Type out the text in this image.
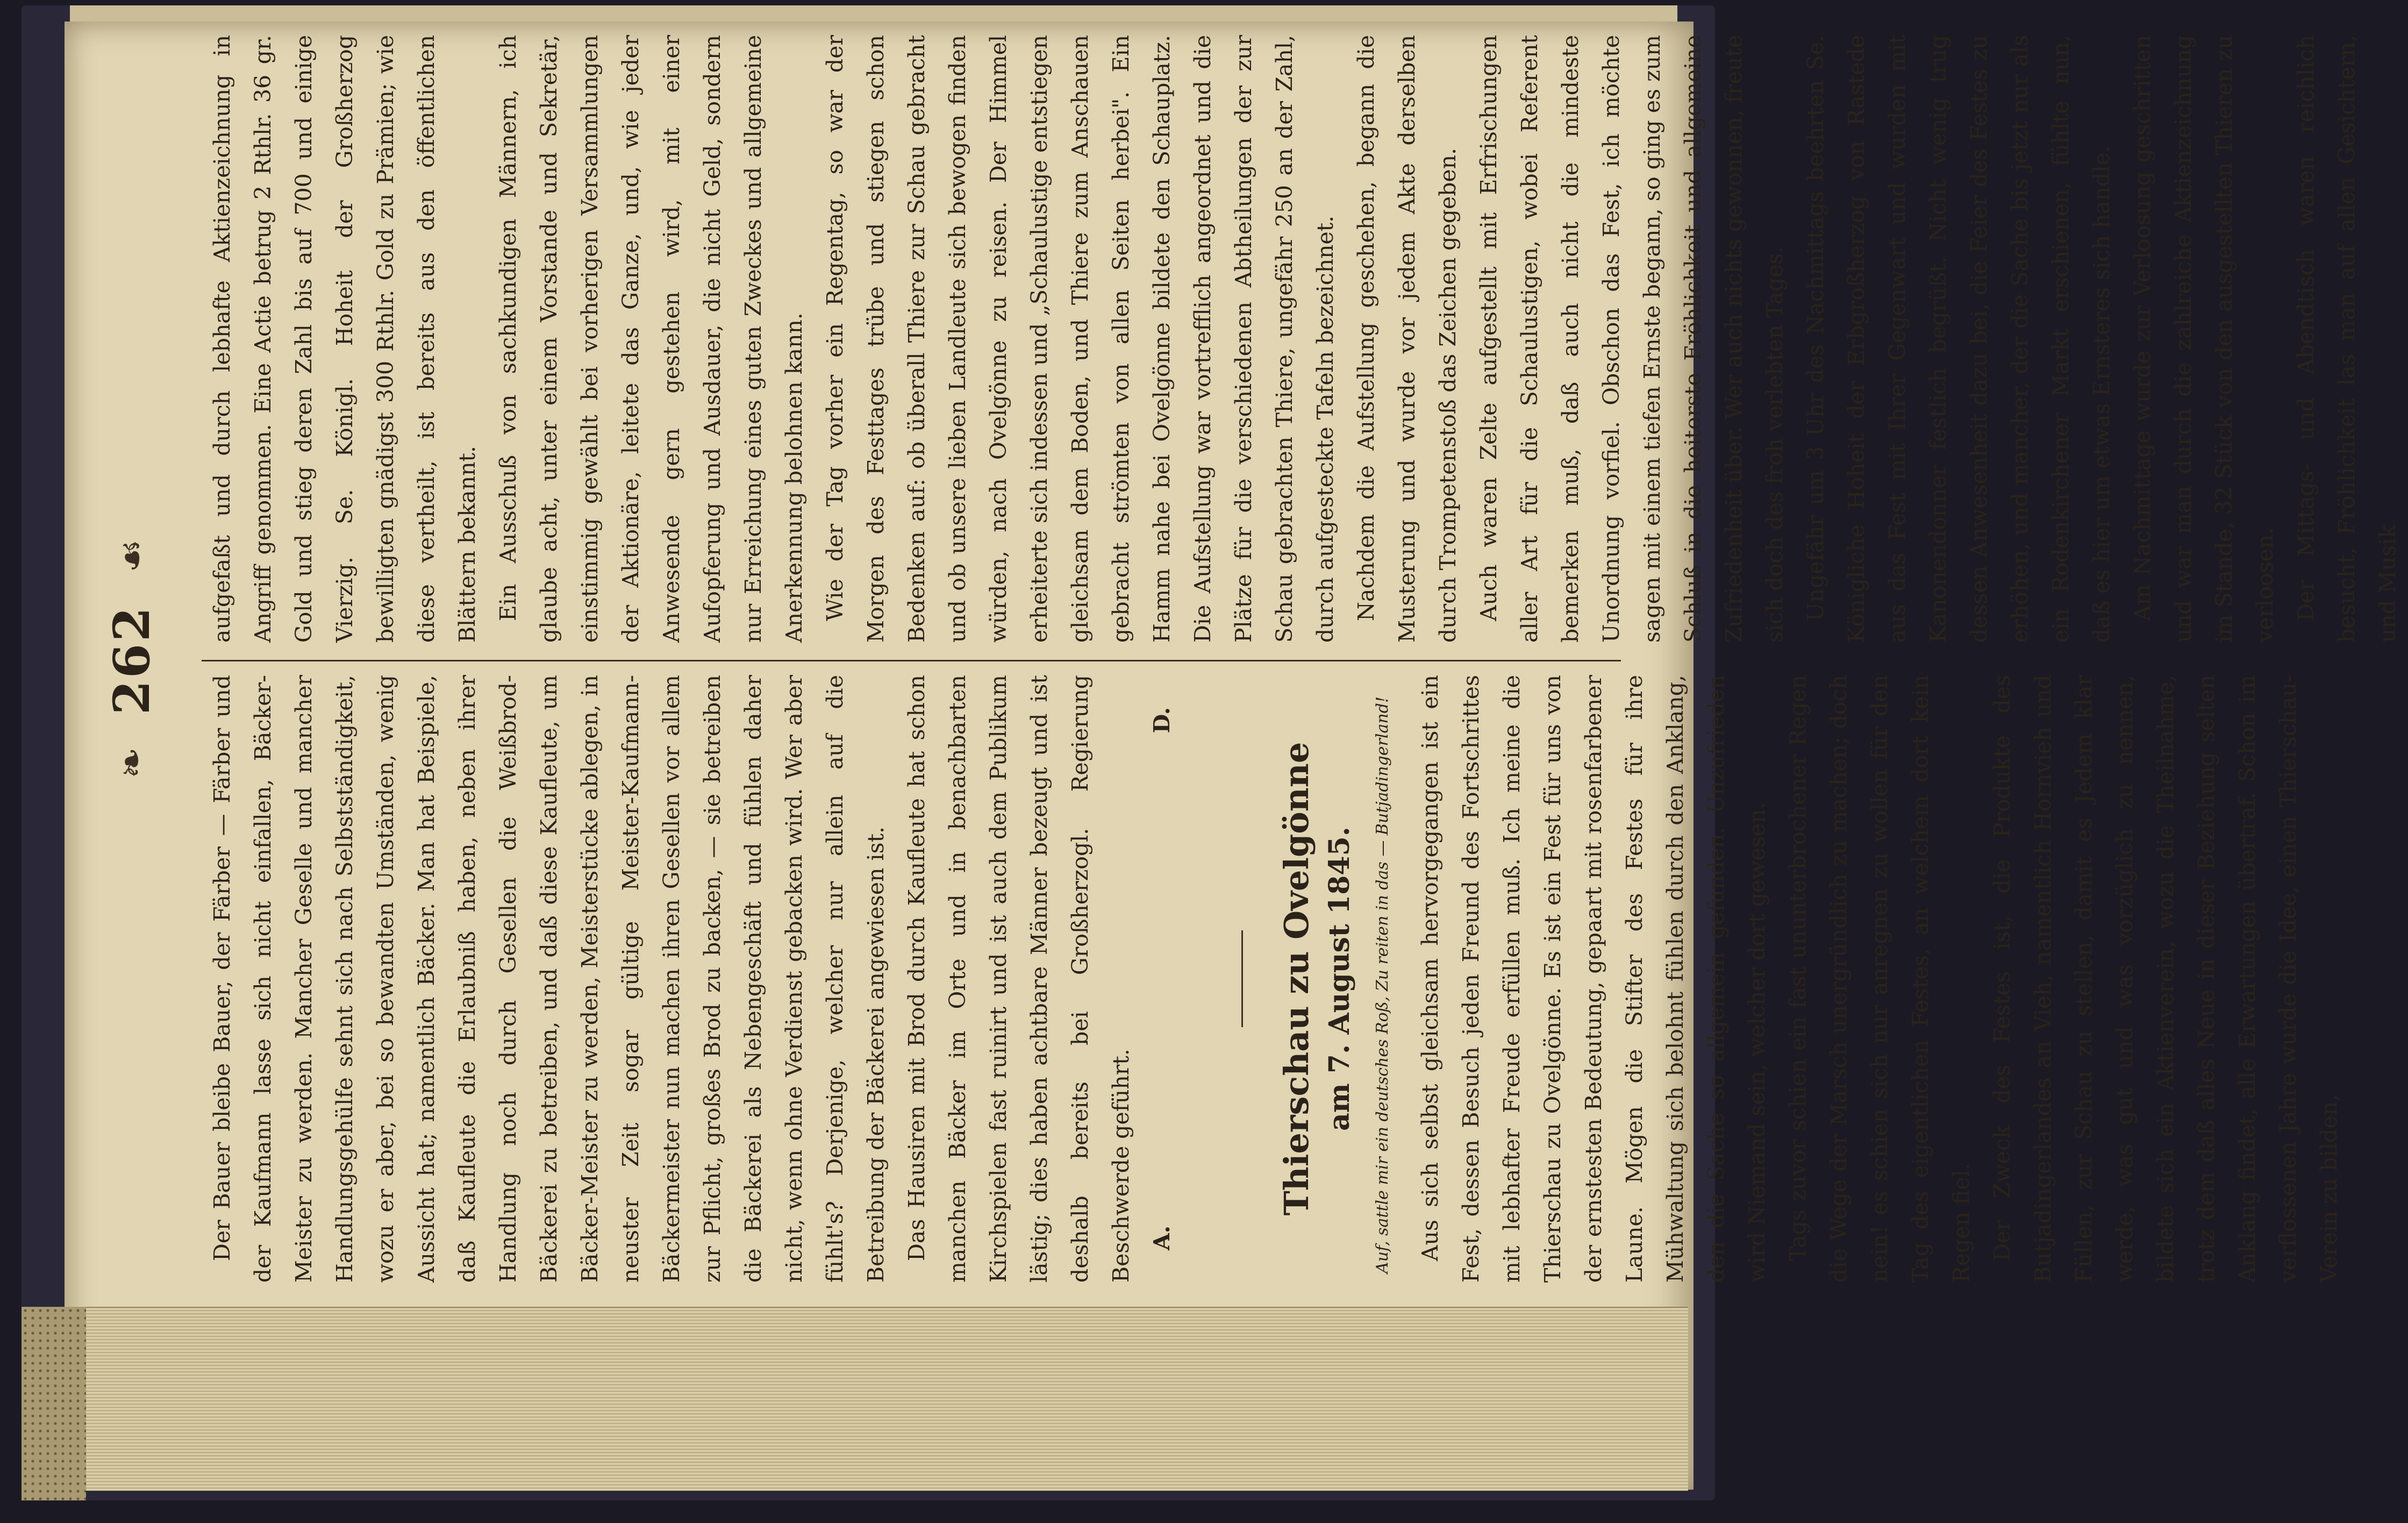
❧
262
☙

Der Bauer bleibe Bauer, der Färber — Färber und der Kaufmann lasse sich nicht einfallen, Bäcker-Meister zu werden. Mancher Geselle und mancher Handlungsgehülfe sehnt sich nach Selbstständigkeit, wozu er aber, bei so bewandten Umständen, wenig Aussicht hat; namentlich Bäcker. Man hat Beispiele, daß Kaufleute die Erlaubniß haben, neben ihrer Handlung noch durch Gesellen die Weißbrod-Bäckerei zu betreiben, und daß diese Kaufleute, um Bäcker-Meister zu werden, Meisterstücke ablegen, in neuster Zeit sogar gültige Meister-Kaufmann-Bäckermeister nun machen ihren Gesellen vor allem zur Pflicht, großes Brod zu backen, — sie betreiben die Bäckerei als Nebengeschäft und fühlen daher nicht, wenn ohne Verdienst gebacken wird. Wer aber fühlt's? Derjenige, welcher nur allein auf die Betreibung der Bäckerei angewiesen ist. Das Hausiren mit Brod durch Kaufleute hat schon manchen Bäcker im Orte und in benachbarten Kirchspielen fast ruinirt und ist auch dem Publikum lästig; dies haben achtbare Männer bezeugt und ist deshalb bereits bei Großherzogl. Regierung Beschwerde geführt. A.
D.
Thierschau zu Ovelgönne am 7. August 1845.	Auf, sattle mir ein deutsches Roß, Zu reiten in das — Butjadingerland!	Aus sich selbst gleichsam hervorgegangen ist ein Fest, dessen Besuch jeden Freund des Fortschrittes mit lebhafter Freude erfüllen muß. Ich meine die Thierschau zu Ovelgönne. Es ist ein Fest für uns von der ernstesten Bedeutung, gepaart mit rosenfarbener Laune. Mögen die Stifter des Festes für ihre Mühwaltung sich belohnt fühlen durch den Anklang, den die Sache so allgemein gefunden. Unzufrieden wird Niemand sein, welcher dort gewesen. Tags zuvor schien ein fast ununterbrochener Regen die Wege der Marsch unergründlich zu machen; doch nein! es schien sich nur anregnen zu wollen für den Tag des eigentlichen Festes, an welchem dort kein Regen fiel. Der Zweck des Festes ist, die Produkte des Butjadingerlandes an Vieh, namentlich Hornvieh und Füllen, zur Schau zu stellen, damit es Jedem klar werde, was gut und was vorzüglich zu nennen, bildete sich ein Aktienverein, wozu die Theilnahme, trotz dem daß alles Neue in dieser Beziehung selten Anklang findet, alle Erwartungen übertraf. Schon im verflossenen Jahre wurde die Idee, einen Thierschau-Verein zu bilden,

aufgefaßt und durch lebhafte Aktienzeichnung in Angriff genommen. Eine Actie betrug 2 Rthlr. 36 gr. Gold und stieg deren Zahl bis auf 700 und einige Vierzig. Se. Königl. Hoheit der Großherzog bewilligten gnädigst 300 Rthlr. Gold zu Prämien; wie diese vertheilt, ist bereits aus den öffentlichen Blättern bekannt. Ein Ausschuß von sachkundigen Männern, ich glaube acht, unter einem Vorstande und Sekretär, einstimmig gewählt bei vorherigen Versammlungen der Aktionäre, leitete das Ganze, und, wie jeder Anwesende gern gestehen wird, mit einer Aufopferung und Ausdauer, die nicht Geld, sondern nur Erreichung eines guten Zweckes und allgemeine Anerkennung belohnen kann. Wie der Tag vorher ein Regentag, so war der Morgen des Festtages trübe und stiegen schon Bedenken auf: ob überall Thiere zur Schau gebracht und ob unsere lieben Landleute sich bewogen finden würden, nach Ovelgönne zu reisen. Der Himmel erheiterte sich indessen und „Schaulustige entstiegen gleichsam dem Boden, und Thiere zum Anschauen gebracht strömten von allen Seiten herbei". Ein Hamm nahe bei Ovelgönne bildete den Schauplatz. Die Aufstellung war vortrefflich angeordnet und die Plätze für die verschiedenen Abtheilungen der zur Schau gebrachten Thiere, ungefähr 250 an der Zahl, durch aufgesteckte Tafeln bezeichnet. Nachdem die Aufstellung geschehen, begann die Musterung und wurde vor jedem Akte derselben durch Trompetenstoß das Zeichen gegeben. Auch waren Zelte aufgestellt mit Erfrischungen aller Art für die Schaulustigen, wobei Referent bemerken muß, daß auch nicht die mindeste Unordnung vorfiel. Obschon das Fest, ich möchte sagen mit einem tiefen Ernste begann, so ging es zum Schluß in die heiterste Fröhlichkeit und allgemeine Zufriedenheit über. Wer auch nichts gewonnen, freute sich doch des froh verlebten Tages. Ungefähr um 3 Uhr des Nachmittags beehrten Se. Königliche Hoheit der Erbgroßherzog von Rastede aus das Fest mit Ihrer Gegenwart und wurden mit Kanonendonner festlich begrüßt. Nicht wenig trug dessen Anwesenheit dazu bei, die Feier des Festes zu erhöhen, und mancher, der die Sache bis jetzt nur als ein Rodenkirchener Markt erschienen, fühlte nun, daß es hier um etwas Ernsteres sich handle. Am Nachmittage wurde zur Verloosung geschritten und war man durch die zahlreiche Aktienzeichnung im Stande, 32 Stück von den ausgestellten Thieren zu verloosen. Der Mittags- und Abendtisch waren reichlich besucht, Fröhlichkeit las man auf allen Gesichtern, und Musik
